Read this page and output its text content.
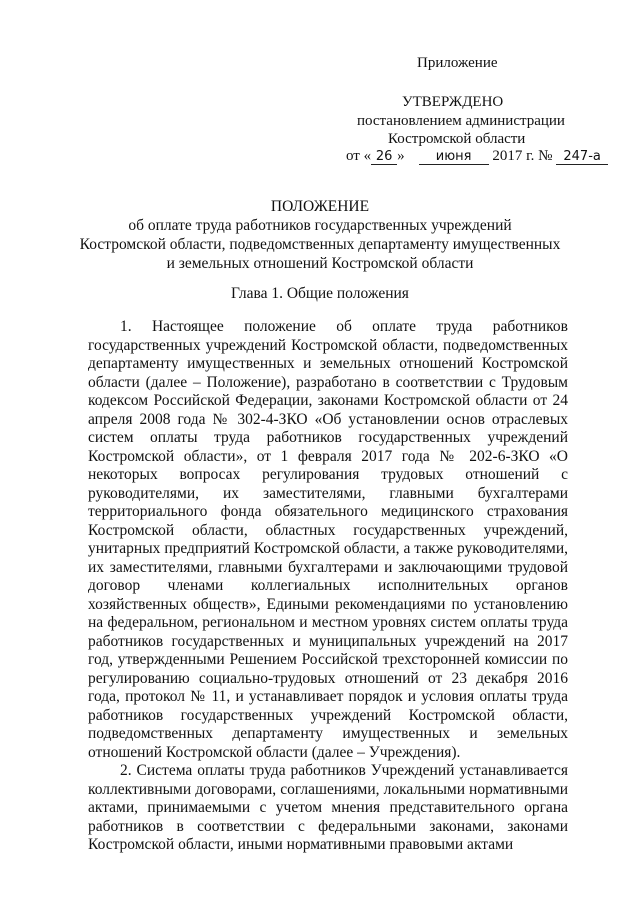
Приложение
УТВЕРЖДЕНО
постановлением администрации
Костромской области
от « 26 » июня 2017 г. № 247-а
ПОЛОЖЕНИЕ
об оплате труда работников государственных учреждений
Костромской области, подведомственных департаменту имущественных
и земельных отношений Костромской области
Глава 1. Общие положения

1. Настоящее положение об оплате труда работников государственных учреждений Костромской области, подведомственных департаменту имущественных и земельных отношений Костромской области (далее – Положение), разработано в соответствии с Трудовым кодексом Российской Федерации, законами Костромской области от 24 апреля 2008 года № 302-4-ЗКО «Об установлении основ отраслевых систем оплаты труда работников государственных учреждений Костромской области», от 1 февраля 2017 года № 202-6-ЗКО «О некоторых вопросах регулирования трудовых отношений с руководителями, их заместителями, главными бухгалтерами территориального фонда обязательного медицинского страхования Костромской области, областных государственных учреждений, унитарных предприятий Костромской области, а также руководителями, их заместителями, главными бухгалтерами и заключающими трудовой договор членами коллегиальных исполнительных органов хозяйственных обществ», Едиными рекомендациями по установлению на федеральном, региональном и местном уровнях систем оплаты труда работников государственных и муниципальных учреждений на 2017 год, утвержденными Решением Российской трехсторонней комиссии по регулированию социально-трудовых отношений от 23 декабря 2016 года, протокол № 11, и устанавливает порядок и условия оплаты труда работников государственных учреждений Костромской области, подведомственных департаменту имущественных и земельных отношений Костромской области (далее – Учреждения).

2. Система оплаты труда работников Учреждений устанавливается коллективными договорами, соглашениями, локальными нормативными актами, принимаемыми с учетом мнения представительного органа работников в соответствии с федеральными законами, законами Костромской области, иными нормативными правовыми актами
